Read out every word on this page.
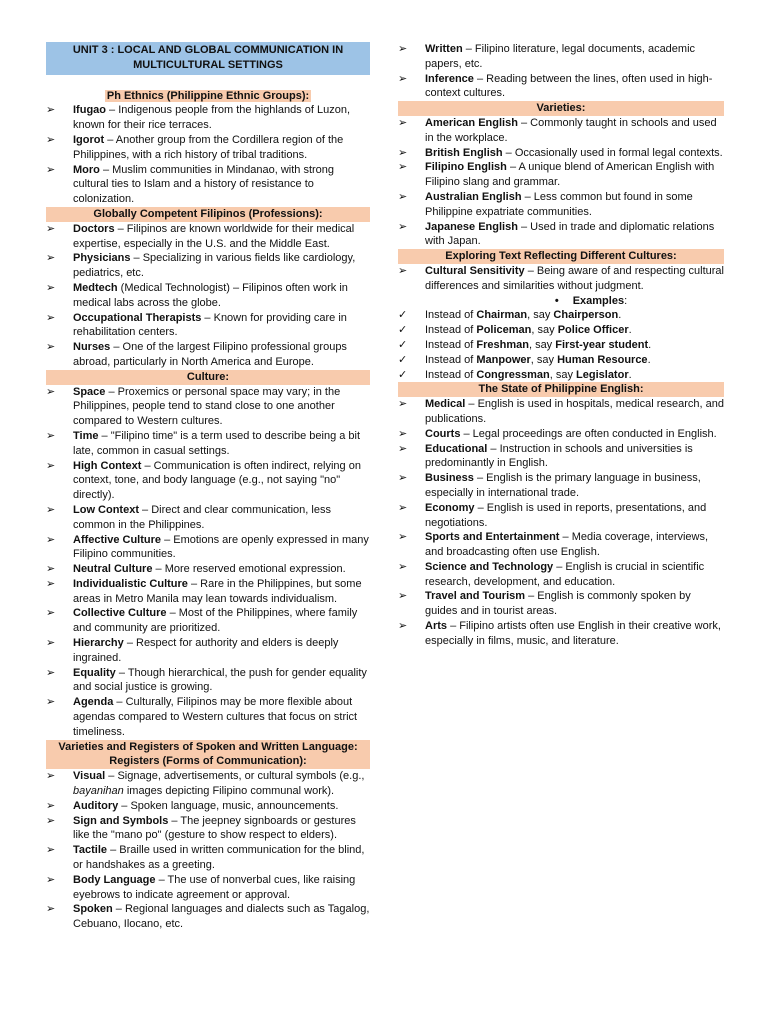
UNIT 3 : LOCAL AND GLOBAL COMMUNICATION IN
MULTICULTURAL SETTINGS
Ph Ethnics (Philippine Ethnic Groups):
➢	Ifugao – Indigenous people from the highlands of Luzon, known for their rice terraces.
➢	Igorot – Another group from the Cordillera region of the Philippines, with a rich history of tribal traditions.
➢	Moro – Muslim communities in Mindanao, with strong cultural ties to Islam and a history of resistance to colonization.
Globally Competent Filipinos (Professions):
➢	Doctors – Filipinos are known worldwide for their medical expertise, especially in the U.S. and the Middle East.
➢	Physicians – Specializing in various fields like cardiology, pediatrics, etc.
➢	Medtech (Medical Technologist) – Filipinos often work in medical labs across the globe.
➢	Occupational Therapists – Known for providing care in rehabilitation centers.
➢	Nurses – One of the largest Filipino professional groups abroad, particularly in North America and Europe.
Culture:
➢	Space – Proxemics or personal space may vary; in the Philippines, people tend to stand close to one another compared to Western cultures.
➢	Time – "Filipino time" is a term used to describe being a bit late, common in casual settings.
➢	High Context – Communication is often indirect, relying on context, tone, and body language (e.g., not saying "no" directly).
➢	Low Context – Direct and clear communication, less common in the Philippines.
➢	Affective Culture – Emotions are openly expressed in many Filipino communities.
➢	Neutral Culture – More reserved emotional expression.
➢	Individualistic Culture – Rare in the Philippines, but some areas in Metro Manila may lean towards individualism.
➢	Collective Culture – Most of the Philippines, where family and community are prioritized.
➢	Hierarchy – Respect for authority and elders is deeply ingrained.
➢	Equality – Though hierarchical, the push for gender equality and social justice is growing.
➢	Agenda – Culturally, Filipinos may be more flexible about agendas compared to Western cultures that focus on strict timeliness.
Varieties and Registers of Spoken and Written Language: Registers (Forms of Communication):
➢	Visual – Signage, advertisements, or cultural symbols (e.g., bayanihan images depicting Filipino communal work).
➢	Auditory – Spoken language, music, announcements.
➢	Sign and Symbols – The jeepney signboards or gestures like the "mano po" (gesture to show respect to elders).
➢	Tactile – Braille used in written communication for the blind, or handshakes as a greeting.
➢	Body Language – The use of nonverbal cues, like raising eyebrows to indicate agreement or approval.
➢	Spoken – Regional languages and dialects such as Tagalog, Cebuano, Ilocano, etc.
➢	Written – Filipino literature, legal documents, academic papers, etc.
➢	Inference – Reading between the lines, often used in high-context cultures.
Varieties:
➢	American English – Commonly taught in schools and used in the workplace.
➢	British English – Occasionally used in formal legal contexts.
➢	Filipino English – A unique blend of American English with Filipino slang and grammar.
➢	Australian English – Less common but found in some Philippine expatriate communities.
➢	Japanese English – Used in trade and diplomatic relations with Japan.
Exploring Text Reflecting Different Cultures:
➢	Cultural Sensitivity – Being aware of and respecting cultural differences and similarities without judgment.
• Examples:
✓	Instead of Chairman, say Chairperson.
✓	Instead of Policeman, say Police Officer.
✓	Instead of Freshman, say First-year student.
✓	Instead of Manpower, say Human Resource.
✓	Instead of Congressman, say Legislator.
The State of Philippine English:
➢	Medical – English is used in hospitals, medical research, and publications.
➢	Courts – Legal proceedings are often conducted in English.
➢	Educational – Instruction in schools and universities is predominantly in English.
➢	Business – English is the primary language in business, especially in international trade.
➢	Economy – English is used in reports, presentations, and negotiations.
➢	Sports and Entertainment – Media coverage, interviews, and broadcasting often use English.
➢	Science and Technology – English is crucial in scientific research, development, and education.
➢	Travel and Tourism – English is commonly spoken by guides and in tourist areas.
➢	Arts – Filipino artists often use English in their creative work, especially in films, music, and literature.
